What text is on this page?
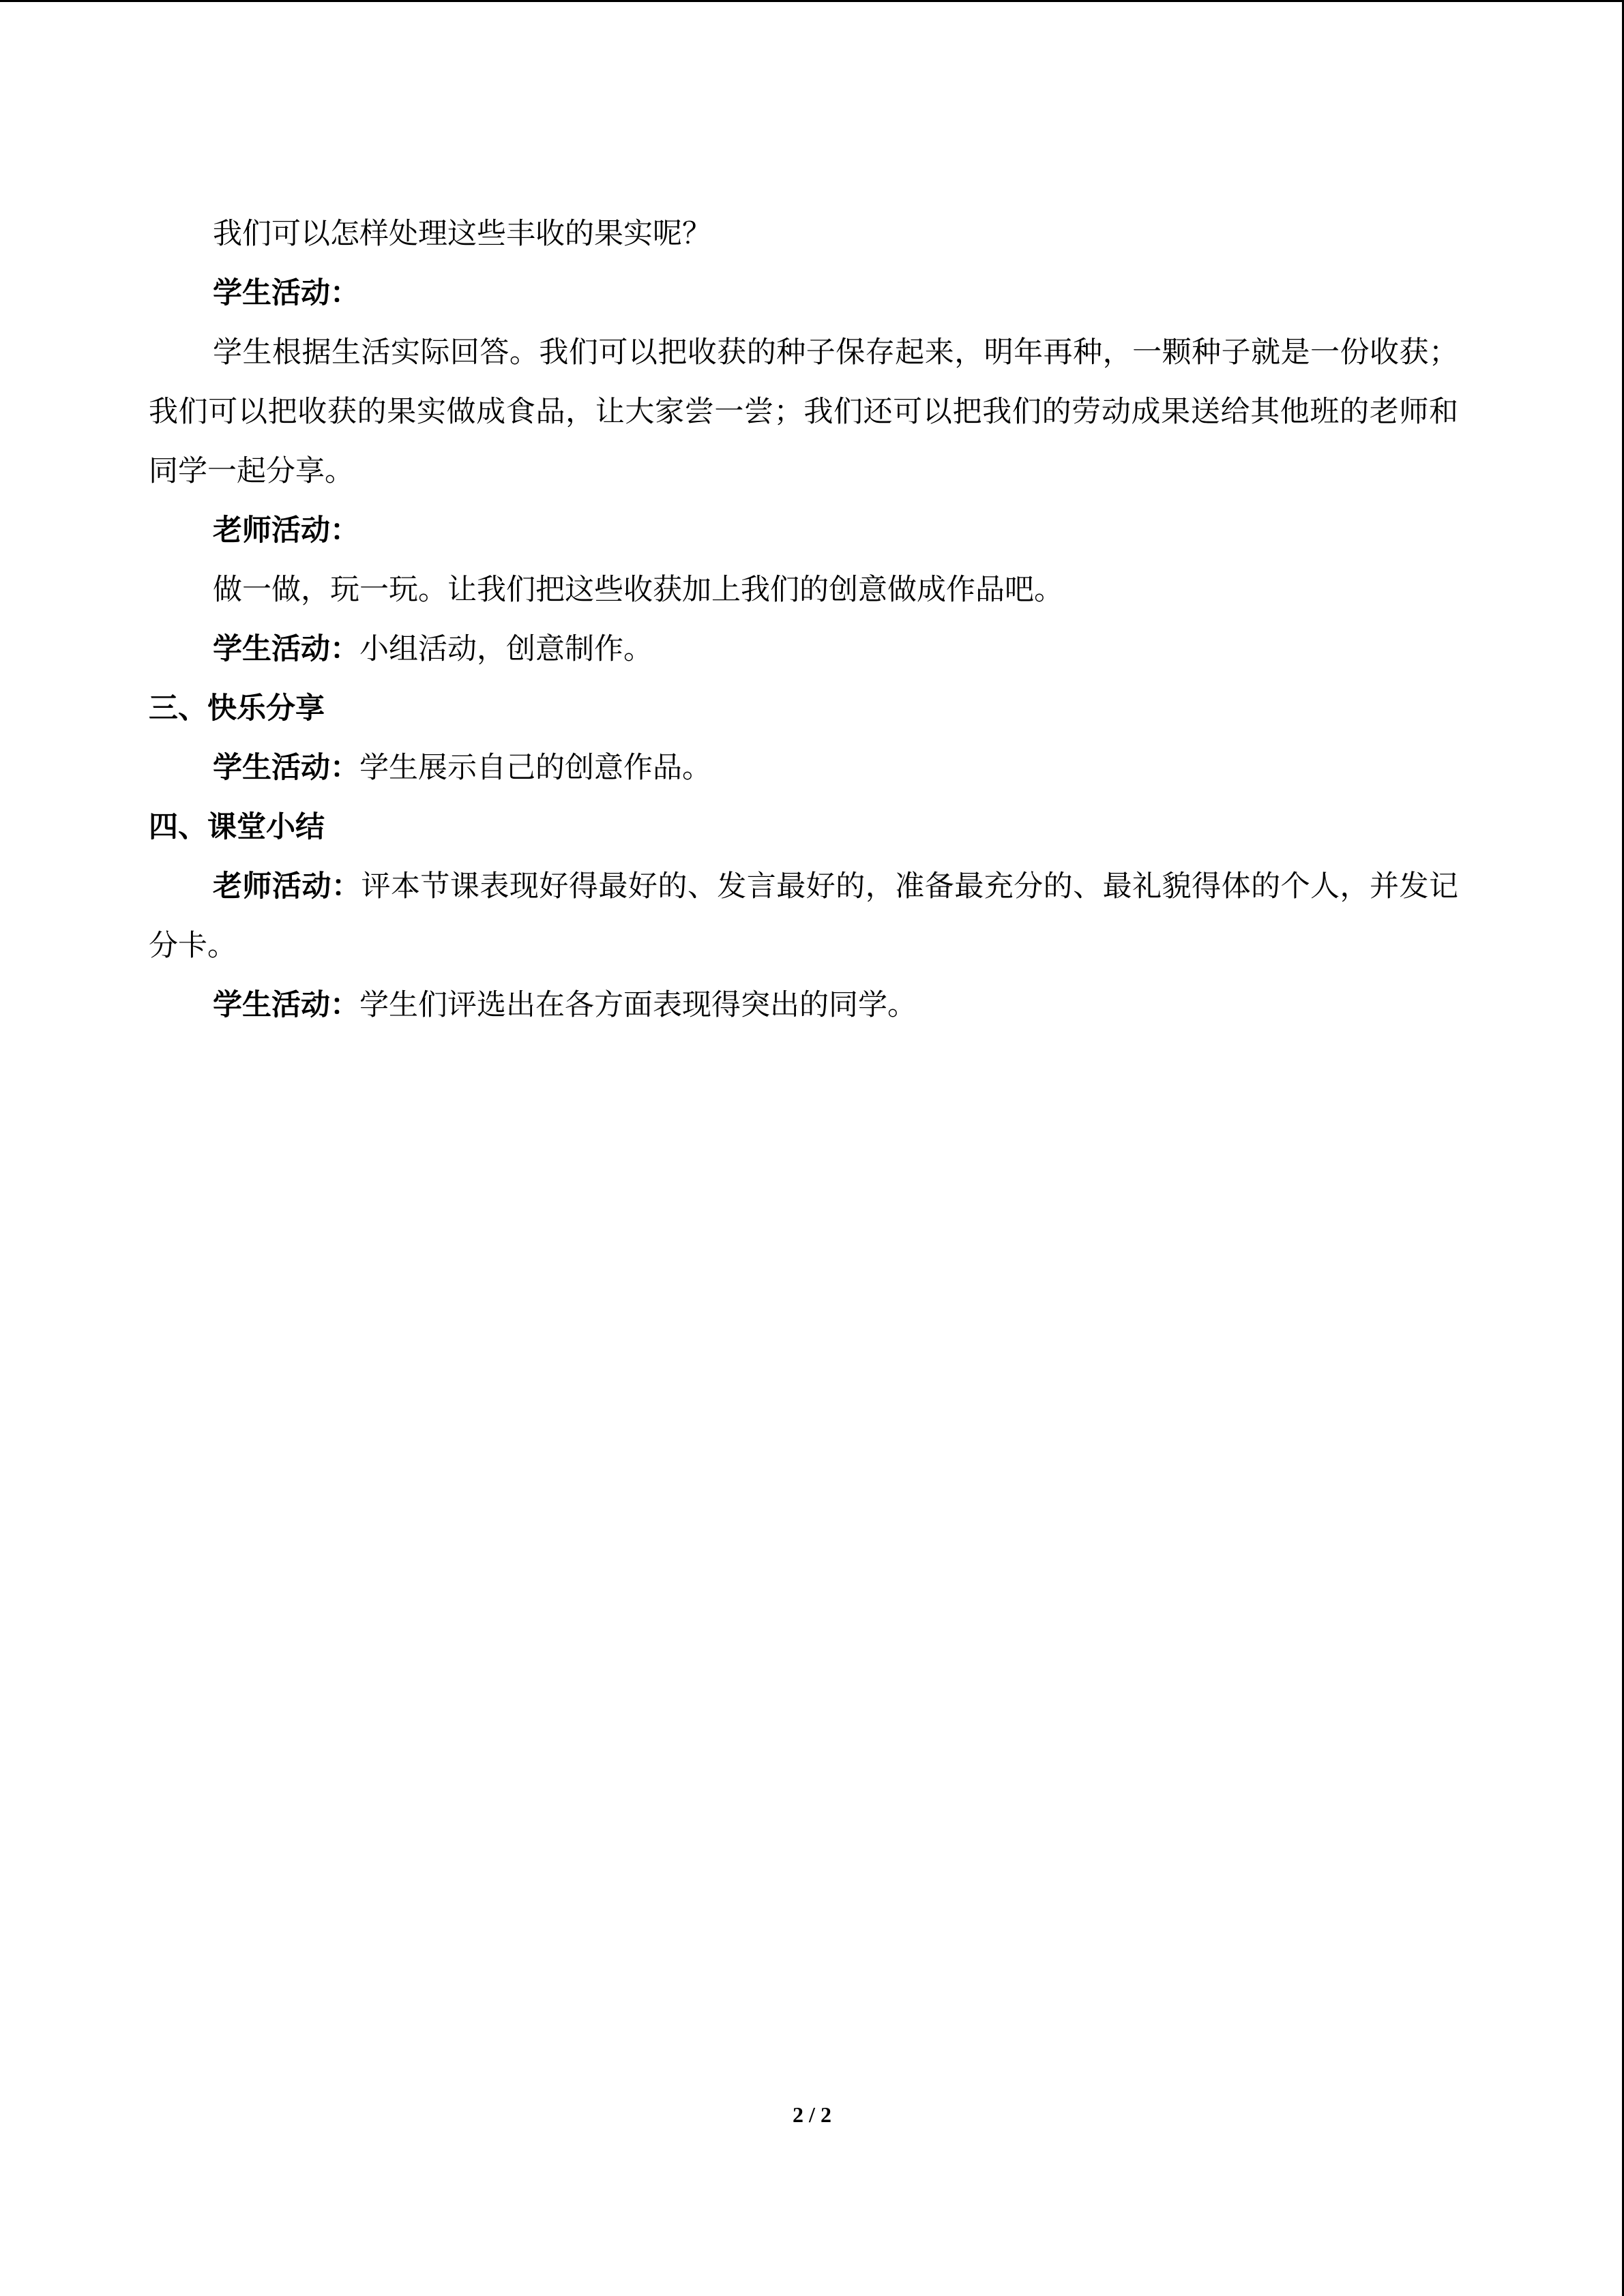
我们可以怎样处理这些丰收的果实呢？

学生活动：

学生根据生活实际回答。我们可以把收获的种子保存起来，明年再种，一颗种子就是一份收获；我们可以把收获的果实做成食品，让大家尝一尝；我们还可以把我们的劳动成果送给其他班的老师和同学一起分享。

老师活动：

做一做，玩一玩。让我们把这些收获加上我们的创意做成作品吧。

学生活动：小组活动，创意制作。

三、快乐分享

学生活动：学生展示自己的创意作品。

四、课堂小结

老师活动：评本节课表现好得最好的、发言最好的，准备最充分的、最礼貌得体的个人，并发记分卡。

学生活动：学生们评选出在各方面表现得突出的同学。

2 / 2
